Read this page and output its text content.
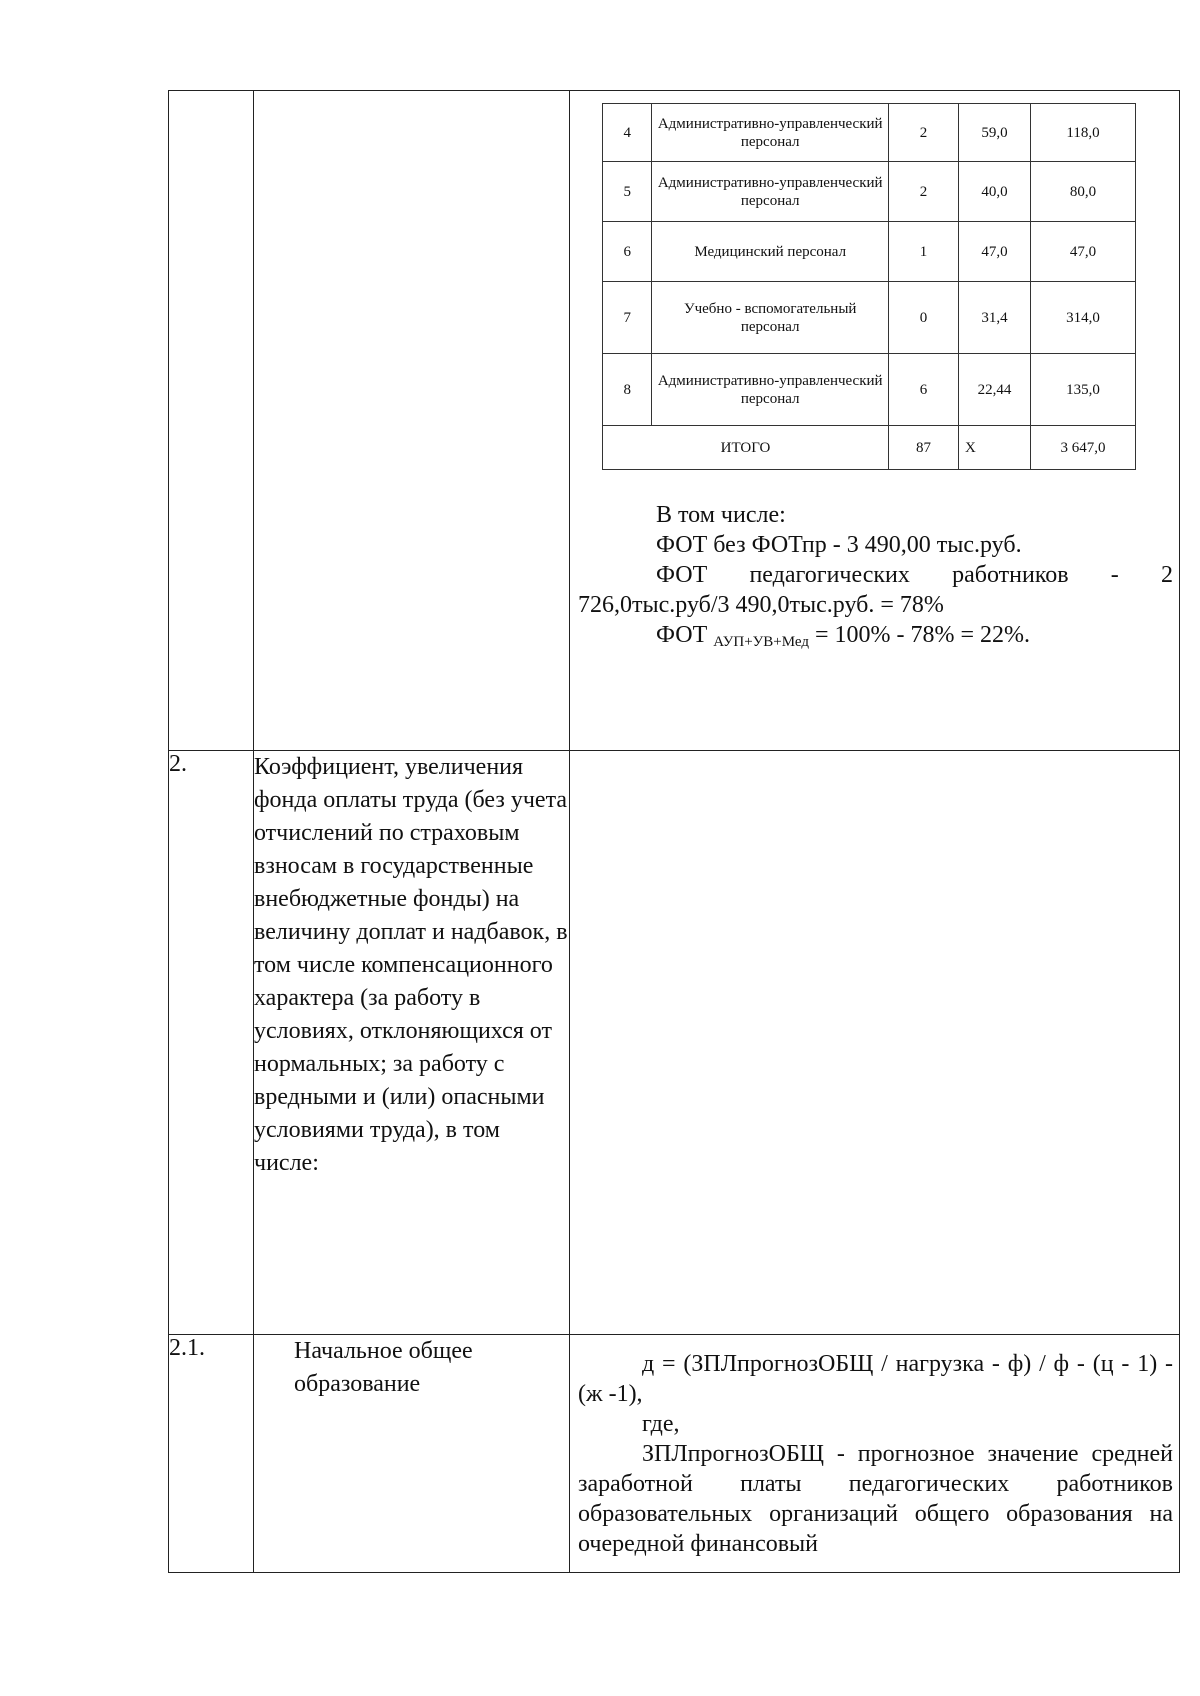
4	Административно-управленческий персонал	2	59,0	118,0
5	Административно-управленческий персонал	2	40,0	80,0
6	Медицинский персонал	1	47,0	47,0
7	Учебно - вспомогательный персонал	0	31,4	314,0
8	Административно-управленческий персонал	6	22,44	135,0
ИТОГО	87	Х	3 647,0

В том числе:

ФОТ без ФОТпр - 3 490,00 тыс.руб.

ФОТ педагогических работников - 2

726,0тыс.руб/3 490,0тыс.руб. = 78%

ФОТ $_{АУП+УВ+Мед}$ = 100% - 78% = 22%.

2.	Коэффициент, увеличения фонда оплаты труда (без учета отчислений по страховым взносам в государственные внебюджетные фонды) на величину доплат и надбавок, в том числе компенсационного характера (за работу в условиях, отклоняющихся от нормальных; за работу с вредными и (или) опасными условиями труда), в том числе:	
2.1.	Начальное общее образование	

д = (ЗПЛпрогнозОБЩ / нагрузка - ф) / ф - (ц - 1) - (ж -1),

где,

ЗПЛпрогнозОБЩ - прогнозное значение средней заработной платы педагогических работников образовательных организаций общего образования на очередной финансовый
